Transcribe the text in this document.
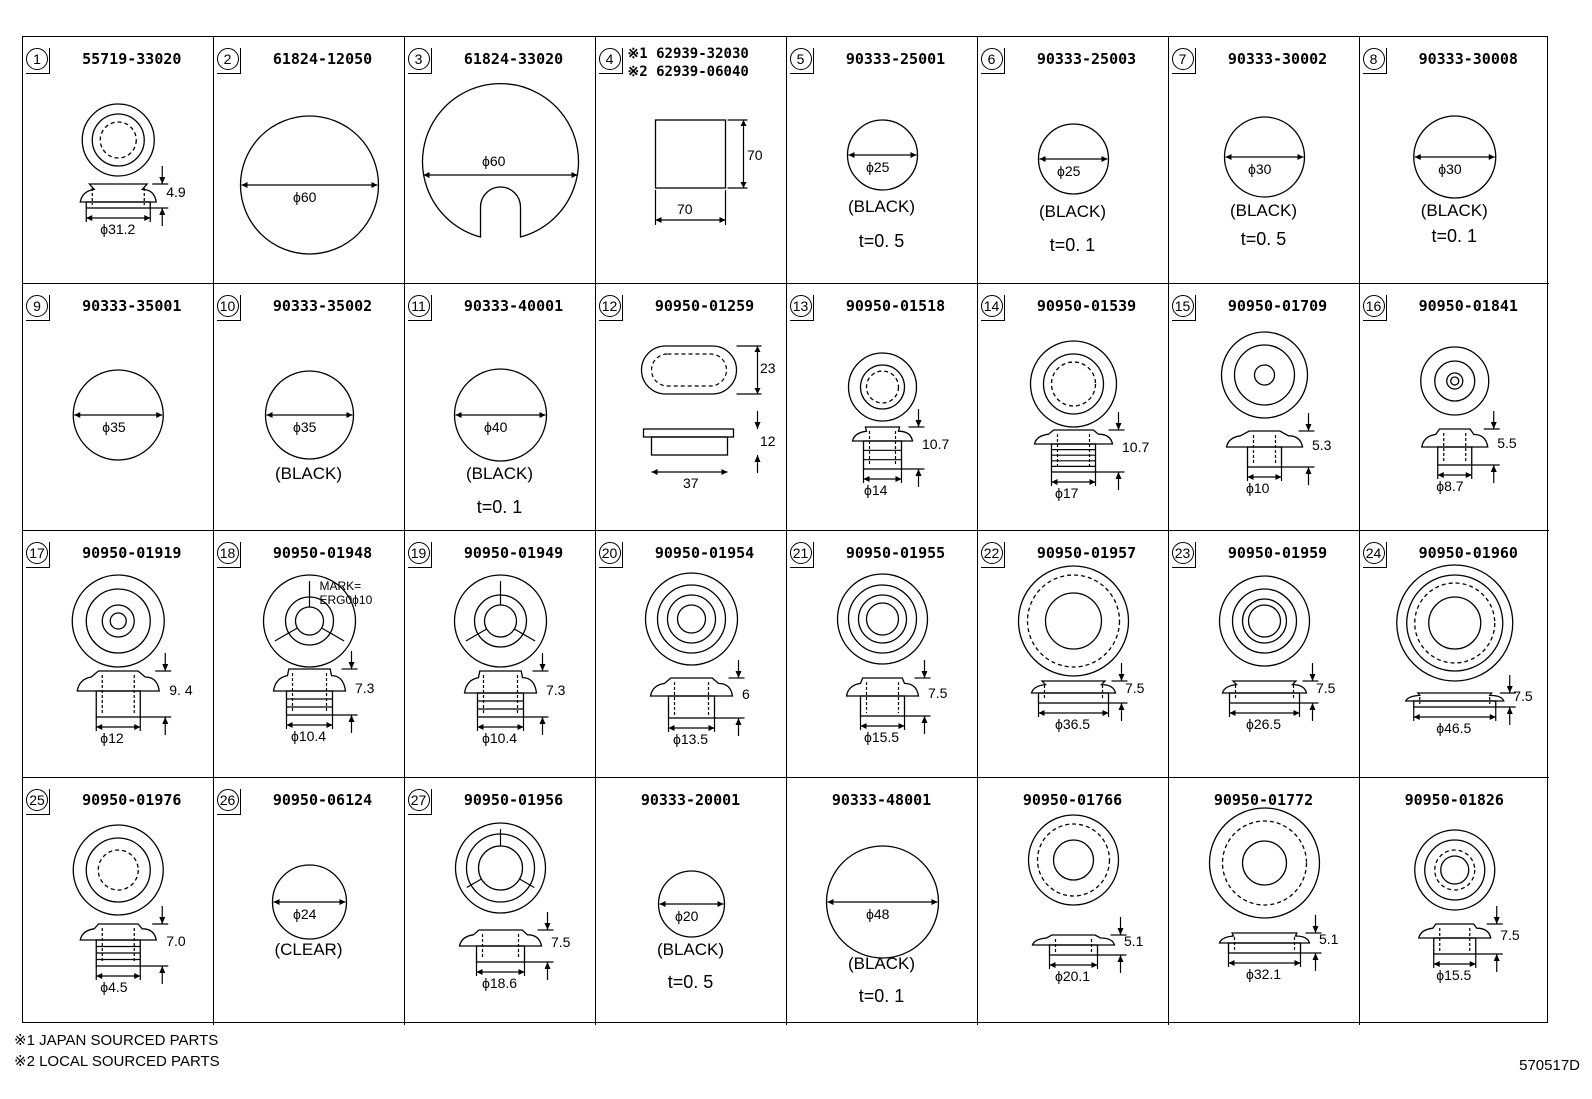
1	55719-33020
ϕ31.2
4.9
2	61824-12050
ϕ60
3	61824-33020
ϕ60
4	※1 62939-32030
※2 62939-06040
70
70
5	90333-25001
ϕ25
(BLACK)
t=0. 5
6	90333-25003
ϕ25
(BLACK)
t=0. 1
7	90333-30002
ϕ30
(BLACK)
t=0. 5
8	90333-30008
ϕ30
(BLACK)
t=0. 1
9	90333-35001
ϕ35
10	90333-35002
ϕ35
(BLACK)
11	90333-40001
ϕ40
(BLACK)
t=0. 1
12	90950-01259
23
12
37
13	90950-01518
ϕ14
10.7
14	90950-01539
ϕ17
10.7
15	90950-01709
ϕ10
5.3
16	90950-01841
ϕ8.7
5.5
17	90950-01919
ϕ12
9. 4
18	90950-01948
ϕ10.4
7.3
MARK=
ERG0ϕ10
19	90950-01949
ϕ10.4
7.3
20	90950-01954
ϕ13.5
6
21	90950-01955
ϕ15.5
7.5
22	90950-01957
ϕ36.5
7.5
23	90950-01959
ϕ26.5
7.5
24	90950-01960
ϕ46.5
7.5
25	90950-01976
ϕ4.5
7.0
26	90950-06124
ϕ24
(CLEAR)
27	90950-01956
ϕ18.6
7.5
90333-20001
ϕ20
(BLACK)
t=0. 5
90333-48001
ϕ48
(BLACK)
t=0. 1
90950-01766
ϕ20.1
5.1
90950-01772
ϕ32.1
5.1
90950-01826
ϕ15.5
7.5
※1 JAPAN SOURCED PARTS
※2 LOCAL SOURCED PARTS	570517D
